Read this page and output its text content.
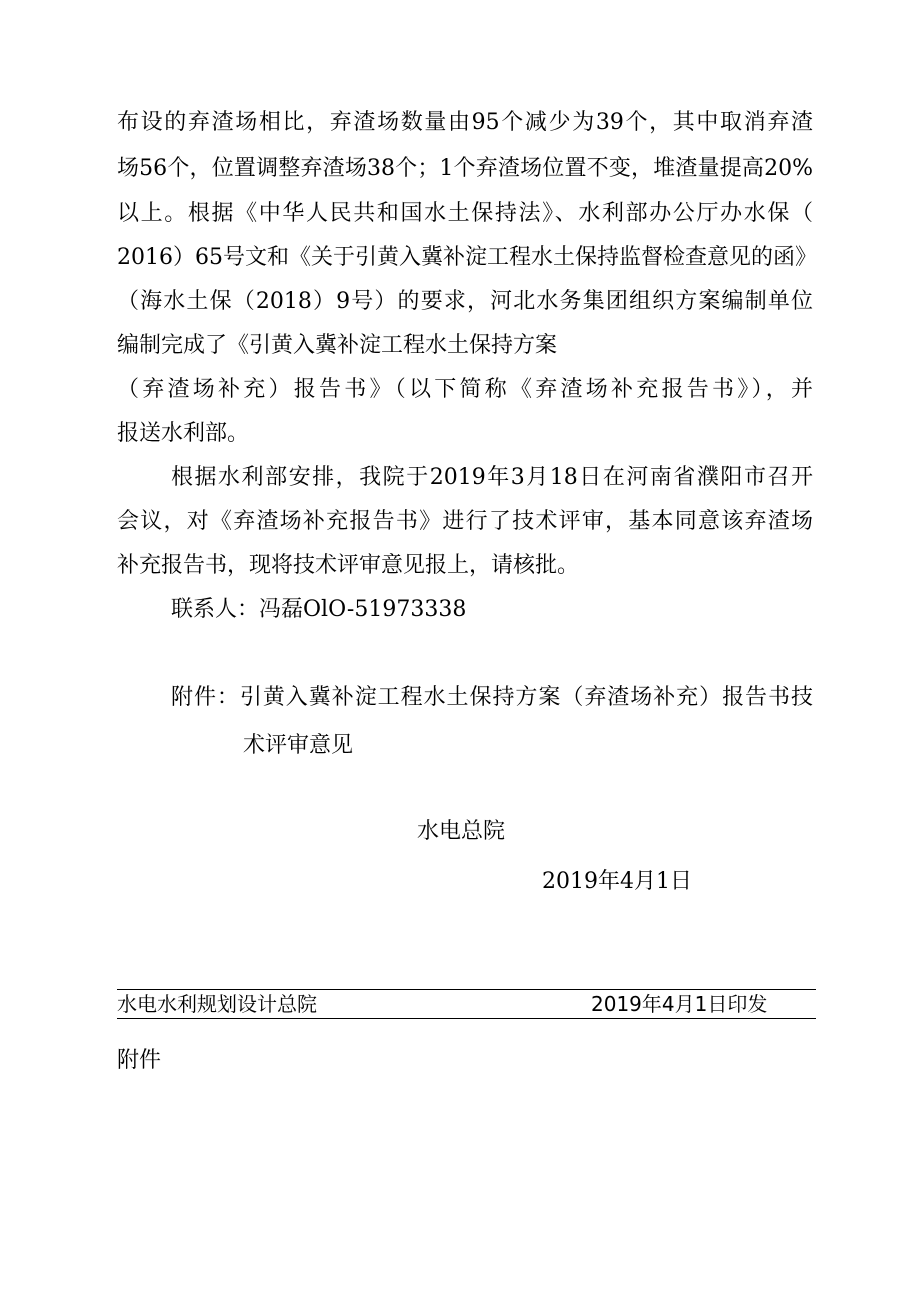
布设的弃渣场相比，弃渣场数量由95个减少为39个，其中取消弃渣
场56个，位置调整弃渣场38个；1个弃渣场位置不变，堆渣量提高20%
以上。根据《中华人民共和国水土保持法》、水利部办公厅办水保（
2016）65号文和《关于引黄入冀补淀工程水土保持监督检查意见的函》
（海水土保（2018）9号）的要求，河北水务集团组织方案编制单位
编制完成了《引黄入冀补淀工程水土保持方案
（弃渣场补充）报告书》（以下简称《弃渣场补充报告书》），并
报送水利部。
根据水利部安排，我院于2019年3月18日在河南省濮阳市召开
会议，对《弃渣场补充报告书》进行了技术评审，基本同意该弃渣场
补充报告书，现将技术评审意见报上，请核批。
联系人：冯磊OlO-51973338
附件：引黄入冀补淀工程水土保持方案（弃渣场补充）报告书技
术评审意见
水电总院
2019年4月1日
水电水利规划设计总院	2019年4月1日印发
附件
